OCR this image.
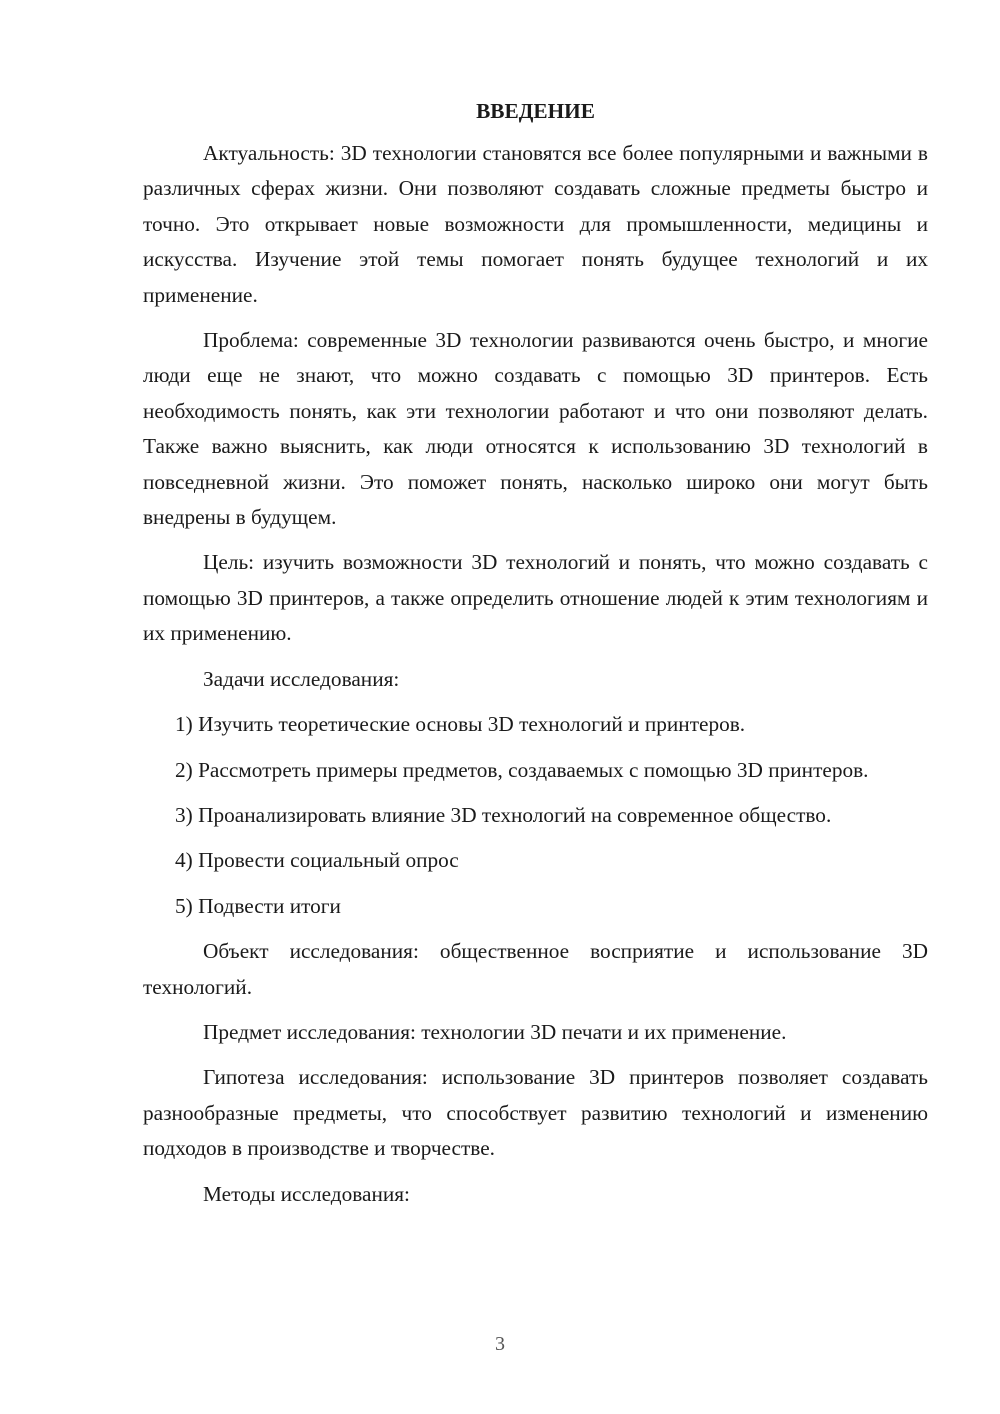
ВВЕДЕНИЕ

Актуальность: 3D технологии становятся все более популярными и важными в различных сферах жизни. Они позволяют создавать сложные предметы быстро и точно. Это открывает новые возможности для промышленности, медицины и искусства. Изучение этой темы помогает понять будущее технологий и их применение.

Проблема: современные 3D технологии развиваются очень быстро, и многие люди еще не знают, что можно создавать с помощью 3D принтеров. Есть необходимость понять, как эти технологии работают и что они позволяют делать. Также важно выяснить, как люди относятся к использованию 3D технологий в повседневной жизни. Это поможет понять, насколько широко они могут быть внедрены в будущем.

Цель: изучить возможности 3D технологий и понять, что можно создавать с помощью 3D принтеров, а также определить отношение людей к этим технологиям и их применению.

Задачи исследования:

1) Изучить теоретические основы 3D технологий и принтеров.

2) Рассмотреть примеры предметов, создаваемых с помощью 3D принтеров.

3) Проанализировать влияние 3D технологий на современное общество.

4) Провести социальный опрос

5) Подвести итоги

Объект исследования: общественное восприятие и использование 3D технологий.

Предмет исследования: технологии 3D печати и их применение.

Гипотеза исследования: использование 3D принтеров позволяет создавать разнообразные предметы, что способствует развитию технологий и изменению подходов в производстве и творчестве.

Методы исследования:

3
